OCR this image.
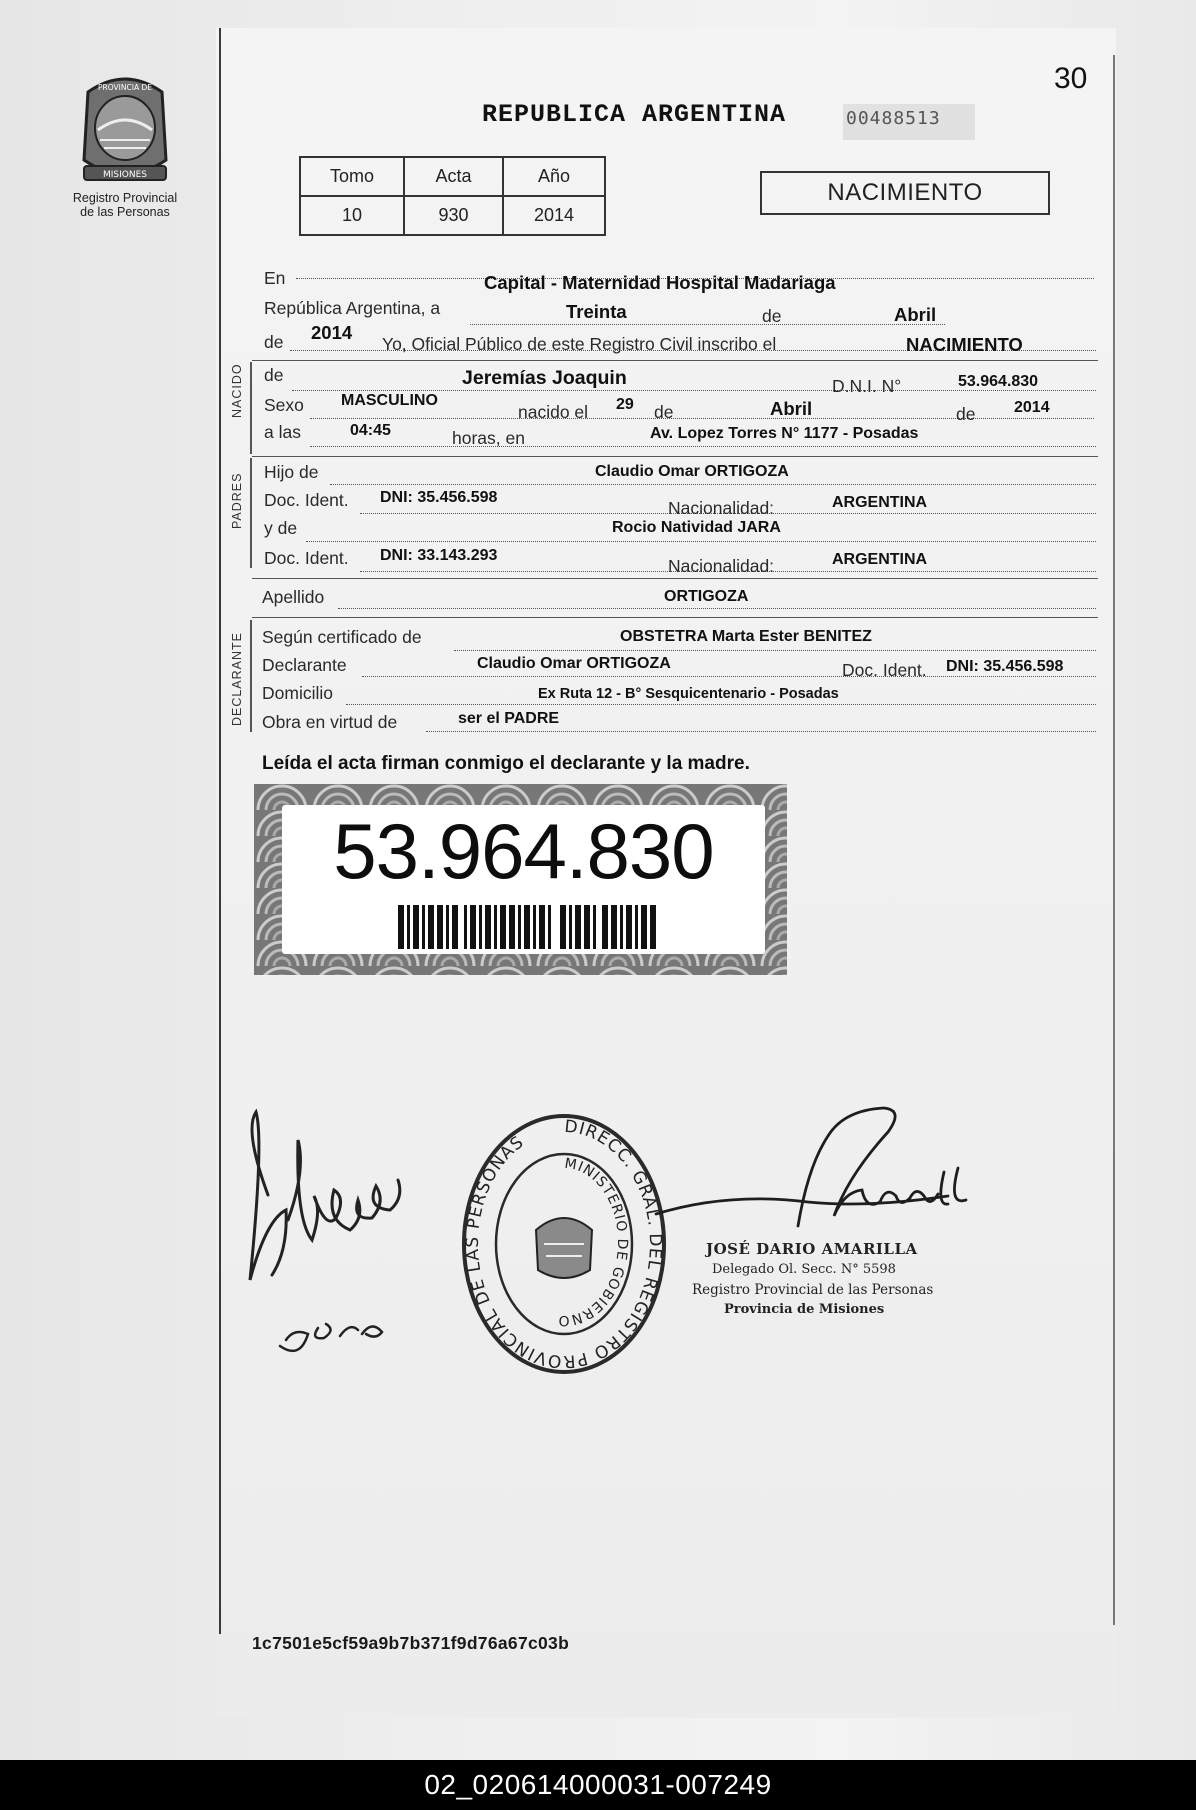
MISIONES
PROVINCIA DE
Registro Provincial
de las Personas
30
REPUBLICA ARGENTINA	00488513
Tomo	Acta	Año
10	930	2014
NACIMIENTO
En	Capital - Maternidad Hospital Madariaga
República Argentina, a	Treinta	de	Abril
de 2014
Yo, Oficial Público de este Registro Civil inscribo el	NACIMIENTO
NACIDO de	Jeremías Joaquin	D.N.I. N°	53.964.830
Sexo MASCULINO
nacido el 29 de	Abril	de 2014
a las	04:45	horas, en	Av. Lopez Torres N° 1177 - Posadas
PADRES
Hijo de	Claudio Omar ORTIGOZA
Doc. Ident. DNI: 35.456.598
Nacionalidad:	ARGENTINA
y de	Rocio Natividad JARA
Doc. Ident. DNI: 33.143.293
Nacionalidad:	ARGENTINA
Apellido	ORTIGOZA
DECLARANTE Según certificado de	OBSTETRA Marta Ester BENITEZ
Declarante	Claudio Omar ORTIGOZA	Doc. Ident. DNI: 35.456.598
Domicilio	Ex Ruta 12 - B° Sesquicentenario - Posadas
Obra en virtud de	ser el PADRE
Leída el acta firman conmigo el declarante y la madre.
53.964.830
DIRECC. GRAL. DEL REGISTRO PROVINCIAL DE LAS PERSONAS
MINISTERIO DE GOBIERNO
JOSÉ DARIO AMARILLA
Delegado Ol. Secc. N° 5598
Registro Provincial de las Personas
Provincia de Misiones
1c7501e5cf59a9b7b371f9d76a67c03b
02_020614000031-007249
